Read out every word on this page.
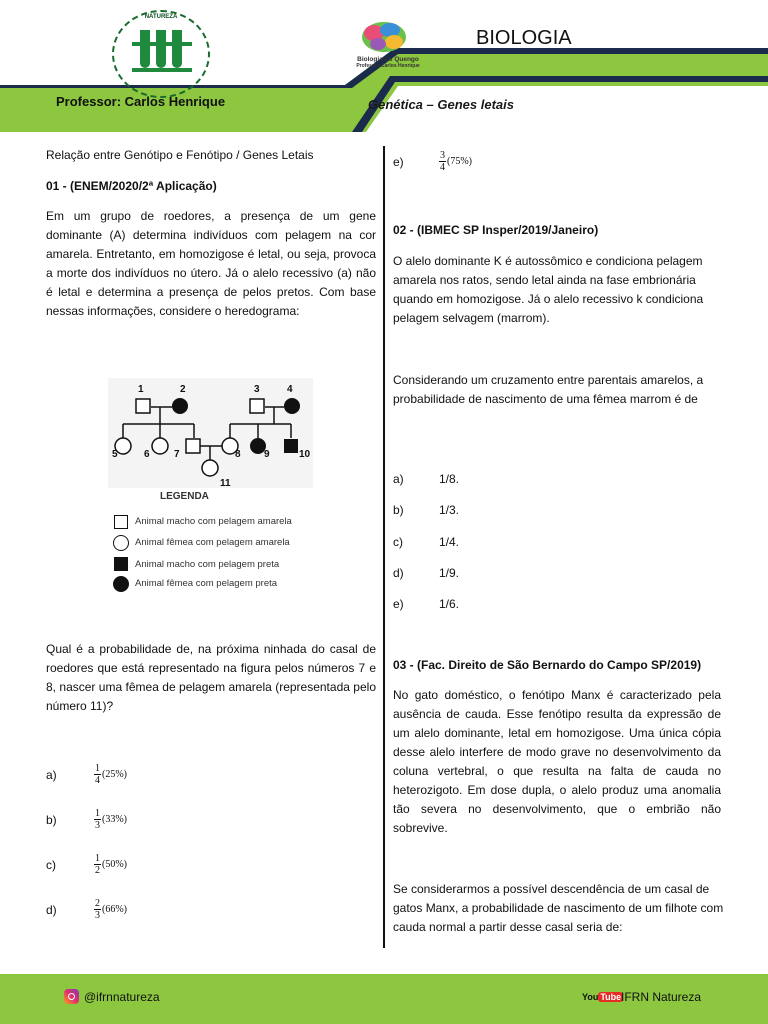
NATUREZA
Professor: Carlos Henrique
BIOLOGIA
Biologia no Quengo
Professor Carlos Henrique
Genética – Genes letais
Relação entre Genótipo e Fenótipo / Genes Letais
01 - (ENEM/2020/2ª Aplicação)
Em um grupo de roedores, a presença de um gene dominante (A) determina indivíduos com pelagem na cor amarela. Entretanto, em homozigose é letal, ou seja, provoca a morte dos indivíduos no útero. Já o alelo recessivo (a) não é letal e determina a presença de pelos pretos. Com base nessas informações, considere o heredograma:
1	2	3	4
5	6 7	8 9	10
11
LEGENDA
Animal macho com pelagem amarela
Animal fêmea com pelagem amarela
Animal macho com pelagem preta
Animal fêmea com pelagem preta
Qual é a probabilidade de, na próxima ninhada do casal de roedores que está representado na figura pelos números 7 e 8, nascer uma fêmea de pelagem amarela (representada pelo número 11)?
a)	$\frac{1}{4} (25\%)$
b)	$\frac{1}{3} (33\%)$
c)	$\frac{1}{2} (50\%)$
d)	$\frac{2}{3} (66\%)$
e)	$\frac{3}{4} (75\%)$
02 - (IBMEC SP Insper/2019/Janeiro)
O alelo dominante K é autossômico e condiciona pelagem amarela nos ratos, sendo letal ainda na fase embrionária quando em homozigose. Já o alelo recessivo k condiciona pelagem selvagem (marrom).
Considerando um cruzamento entre parentais amarelos, a probabilidade de nascimento de uma fêmea marrom é de
a)	1/8.
b)	1/3.
c)	1/4.
d)	1/9.
e)	1/6.
03 - (Fac. Direito de São Bernardo do Campo SP/2019)
No gato doméstico, o fenótipo Manx é caracterizado pela ausência de cauda. Esse fenótipo resulta da expressão de um alelo dominante, letal em homozigose. Uma única cópia desse alelo interfere de modo grave no desenvolvimento da coluna vertebral, o que resulta na falta de cauda no heterozigoto. Em dose dupla, o alelo produz uma anomalia tão severa no desenvolvimento, que o embrião não sobrevive.
Se considerarmos a possível descendência de um casal de gatos Manx, a probabilidade de nascimento de um filhote com cauda normal a partir desse casal seria de:
@ifrnnatureza	You Tube IFRN Natureza
